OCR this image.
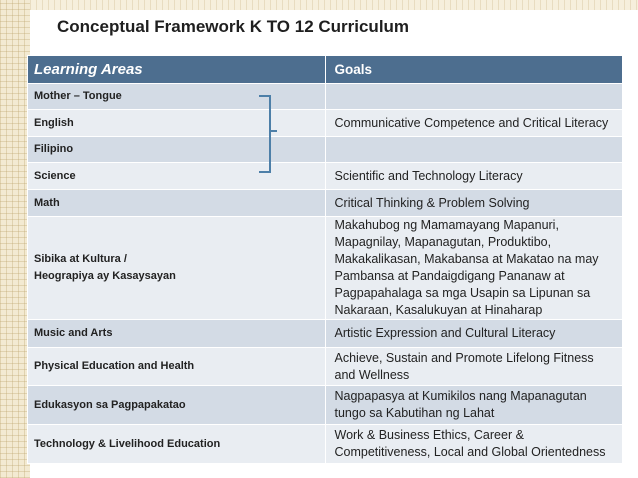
Conceptual Framework K TO 12 Curriculum
Learning Areas	Goals
Mother – Tongue	
English	Communicative Competence and Critical Literacy
Filipino	
Science	Scientific and Technology Literacy
Math	Critical Thinking & Problem Solving
Sibika at Kultura /
Heograpiya ay Kasaysayan	Makahubog ng Mamamayang Mapanuri, Mapagnilay, Mapanagutan, Produktibo, Makakalikasan, Makabansa at Makatao na may Pambansa at Pandaigdigang Pananaw at Pagpapahalaga sa mga Usapin sa Lipunan sa Nakaraan, Kasalukuyan at Hinaharap
Music and Arts	Artistic Expression and Cultural Literacy
Physical Education and Health	Achieve, Sustain and Promote Lifelong Fitness and Wellness
Edukasyon sa Pagpapakatao	Nagpapasya at Kumikilos nang Mapanagutan tungo sa Kabutihan ng Lahat
Technology & Livelihood Education	Work & Business Ethics, Career & Competitiveness, Local and Global Orientedness
